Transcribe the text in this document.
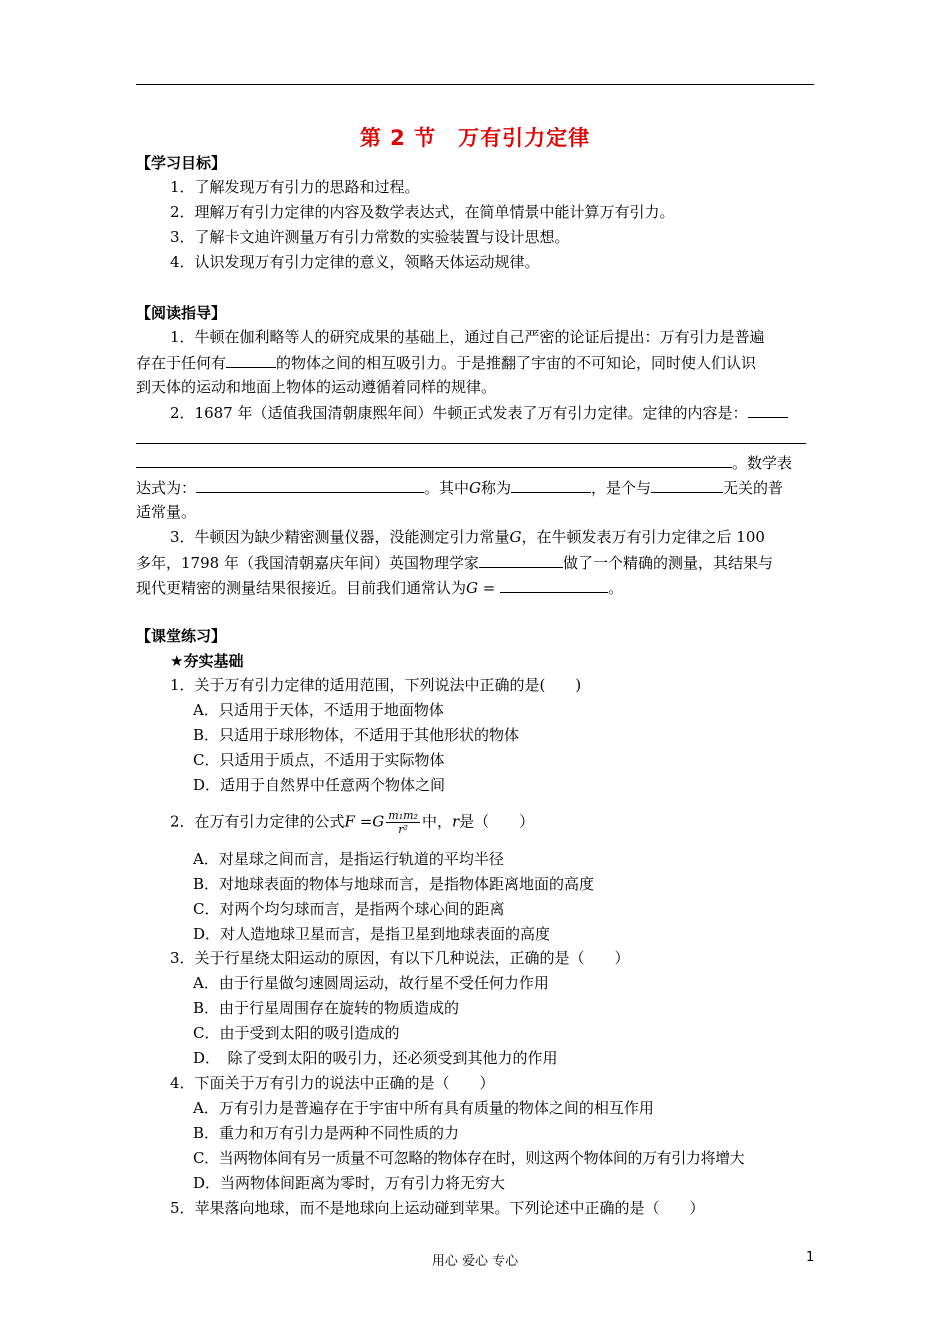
第 2 节　万有引力定律
【学习目标】
1．了解发现万有引力的思路和过程。
2．理解万有引力定律的内容及数学表达式，在简单情景中能计算万有引力。
3．了解卡文迪许测量万有引力常数的实验装置与设计思想。
4．认识发现万有引力定律的意义，领略天体运动规律。
【阅读指导】
1．牛顿在伽利略等人的研究成果的基础上，通过自己严密的论证后提出：万有引力是普遍
存在于任何有	的物体之间的相互吸引力。于是推翻了宇宙的不可知论，同时使人们认识
到天体的运动和地面上物体的运动遵循着同样的规律。
2．1687 年（适值我国清朝康熙年间）牛顿正式发表了万有引力定律。定律的内容是：
。数学表
达式为：	。其中G称为	，是个与	无关的普
适常量。
3．牛顿因为缺少精密测量仪器，没能测定引力常量G，在牛顿发表万有引力定律之后 100
多年，1798 年（我国清朝嘉庆年间）英国物理学家	做了一个精确的测量，其结果与
现代更精密的测量结果很接近。目前我们通常认为G =	。
【课堂练习】
★夯实基础
1．关于万有引力定律的适用范围，下列说法中正确的是(　　)
A．只适用于天体，不适用于地面物体
B．只适用于球形物体，不适用于其他形状的物体
C．只适用于质点，不适用于实际物体
D．适用于自然界中任意两个物体之间
2．在万有引力定律的公式$F =G \frac{\text{m₁m₂}}{\text{r²}}$ 中，r是（　　）
A．对星球之间而言，是指运行轨道的平均半径
B．对地球表面的物体与地球而言，是指物体距离地面的高度
C．对两个均匀球而言，是指两个球心间的距离
D．对人造地球卫星而言，是指卫星到地球表面的高度
3．关于行星绕太阳运动的原因，有以下几种说法，正确的是（　　）
A．由于行星做匀速圆周运动，故行星不受任何力作用
B．由于行星周围存在旋转的物质造成的
C．由于受到太阳的吸引造成的
D．　除了受到太阳的吸引力，还必须受到其他力的作用
4．下面关于万有引力的说法中正确的是（　　）
A．万有引力是普遍存在于宇宙中所有具有质量的物体之间的相互作用
B．重力和万有引力是两种不同性质的力
C．当两物体间有另一质量不可忽略的物体存在时，则这两个物体间的万有引力将增大
D．当两物体间距离为零时，万有引力将无穷大
5．苹果落向地球，而不是地球向上运动碰到苹果。下列论述中正确的是（　　）
用心 爱心 专心	1
